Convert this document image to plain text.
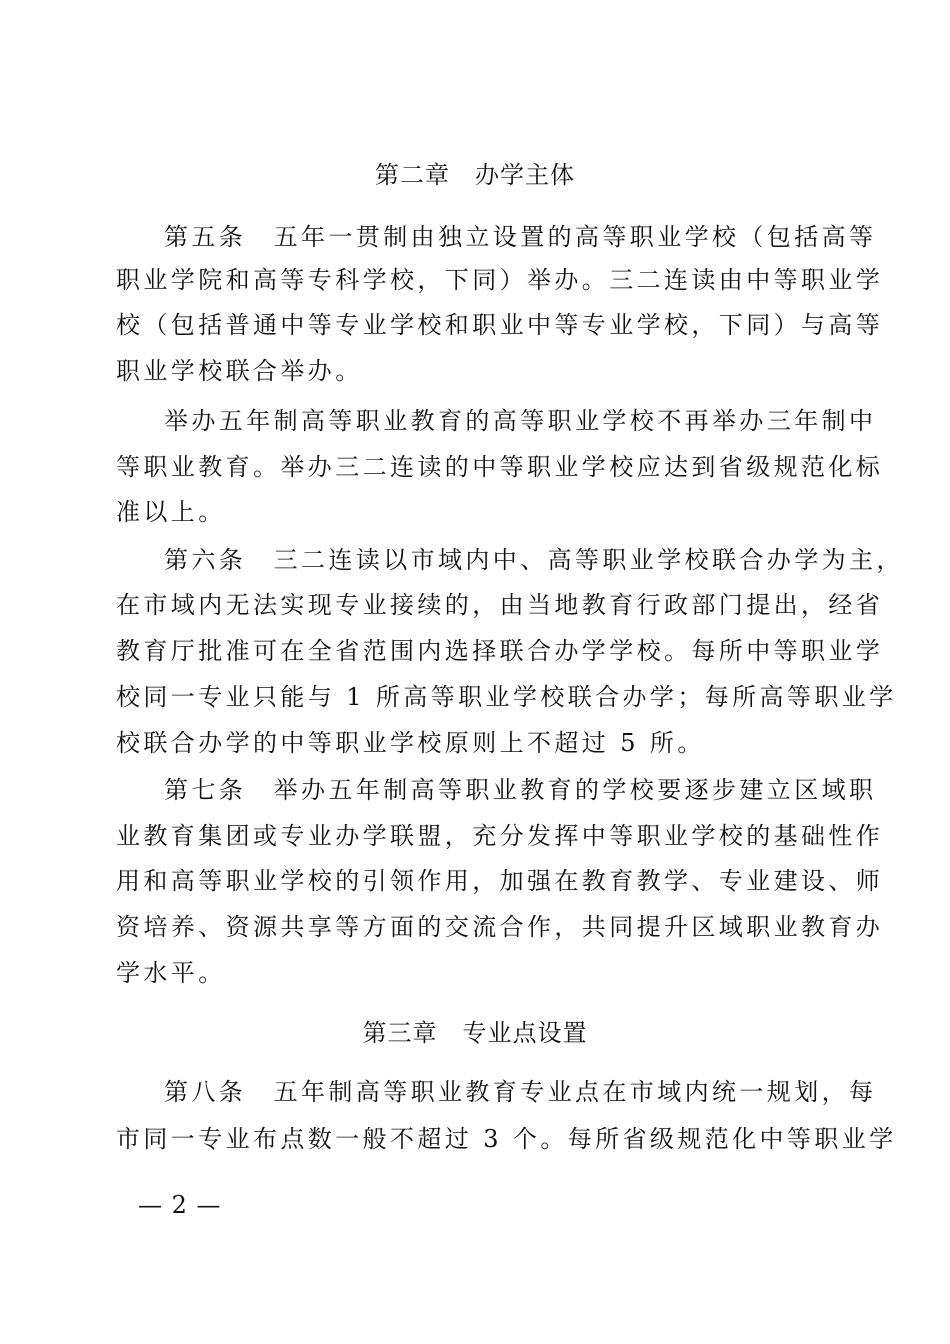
第二章　办学主体
第五条　五年一贯制由独立设置的高等职业学校（包括高等
职业学院和高等专科学校，下同）举办。三二连读由中等职业学
校（包括普通中等专业学校和职业中等专业学校，下同）与高等
职业学校联合举办。
举办五年制高等职业教育的高等职业学校不再举办三年制中
等职业教育。举办三二连读的中等职业学校应达到省级规范化标
准以上。
第六条　三二连读以市域内中、高等职业学校联合办学为主，
在市域内无法实现专业接续的，由当地教育行政部门提出，经省
教育厅批准可在全省范围内选择联合办学学校。每所中等职业学
校同一专业只能与 1 所高等职业学校联合办学；每所高等职业学
校联合办学的中等职业学校原则上不超过 5 所。
第七条　举办五年制高等职业教育的学校要逐步建立区域职
业教育集团或专业办学联盟，充分发挥中等职业学校的基础性作
用和高等职业学校的引领作用，加强在教育教学、专业建设、师
资培养、资源共享等方面的交流合作，共同提升区域职业教育办
学水平。
第三章　专业点设置
第八条　五年制高等职业教育专业点在市域内统一规划，每
市同一专业布点数一般不超过 3 个。每所省级规范化中等职业学
— 2 —
